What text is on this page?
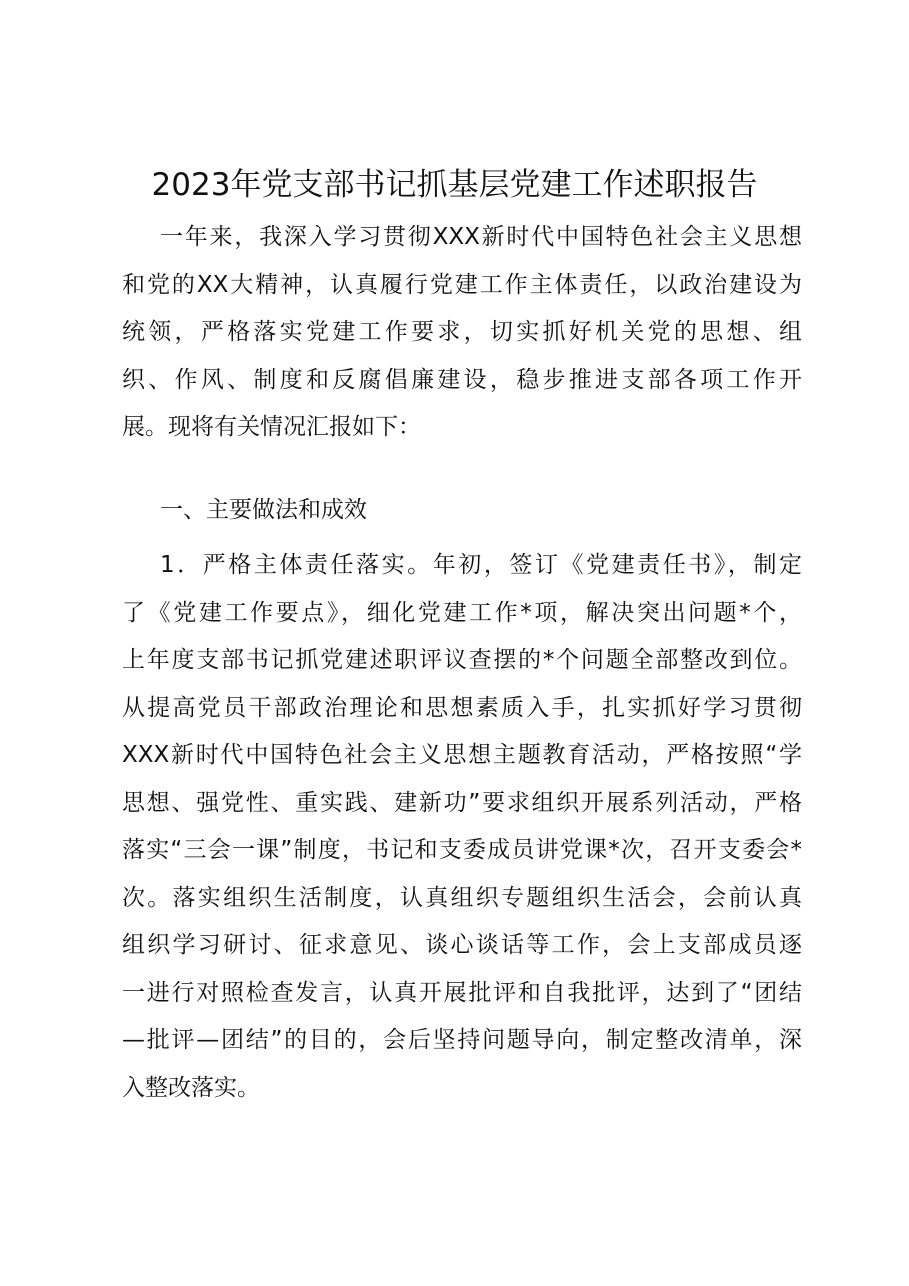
2023年党支部书记抓基层党建工作述职报告
一年来，我深入学习贯彻XXX新时代中国特色社会主义思想
和党的XX大精神，认真履行党建工作主体责任，以政治建设为
统领，严格落实党建工作要求，切实抓好机关党的思想、组
织、作风、制度和反腐倡廉建设，稳步推进支部各项工作开
展。现将有关情况汇报如下：
一、主要做法和成效
1．严格主体责任落实。年初，签订《党建责任书》，制定
了《党建工作要点》，细化党建工作*项，解决突出问题*个，
上年度支部书记抓党建述职评议查摆的*个问题全部整改到位。
从提高党员干部政治理论和思想素质入手，扎实抓好学习贯彻
XXX新时代中国特色社会主义思想主题教育活动，严格按照“学
思想、强党性、重实践、建新功”要求组织开展系列活动，严格
落实“三会一课”制度，书记和支委成员讲党课*次，召开支委会*
次。落实组织生活制度，认真组织专题组织生活会，会前认真
组织学习研讨、征求意见、谈心谈话等工作，会上支部成员逐
一进行对照检查发言，认真开展批评和自我批评，达到了“团结
—批评—团结”的目的，会后坚持问题导向，制定整改清单，深
入整改落实。
